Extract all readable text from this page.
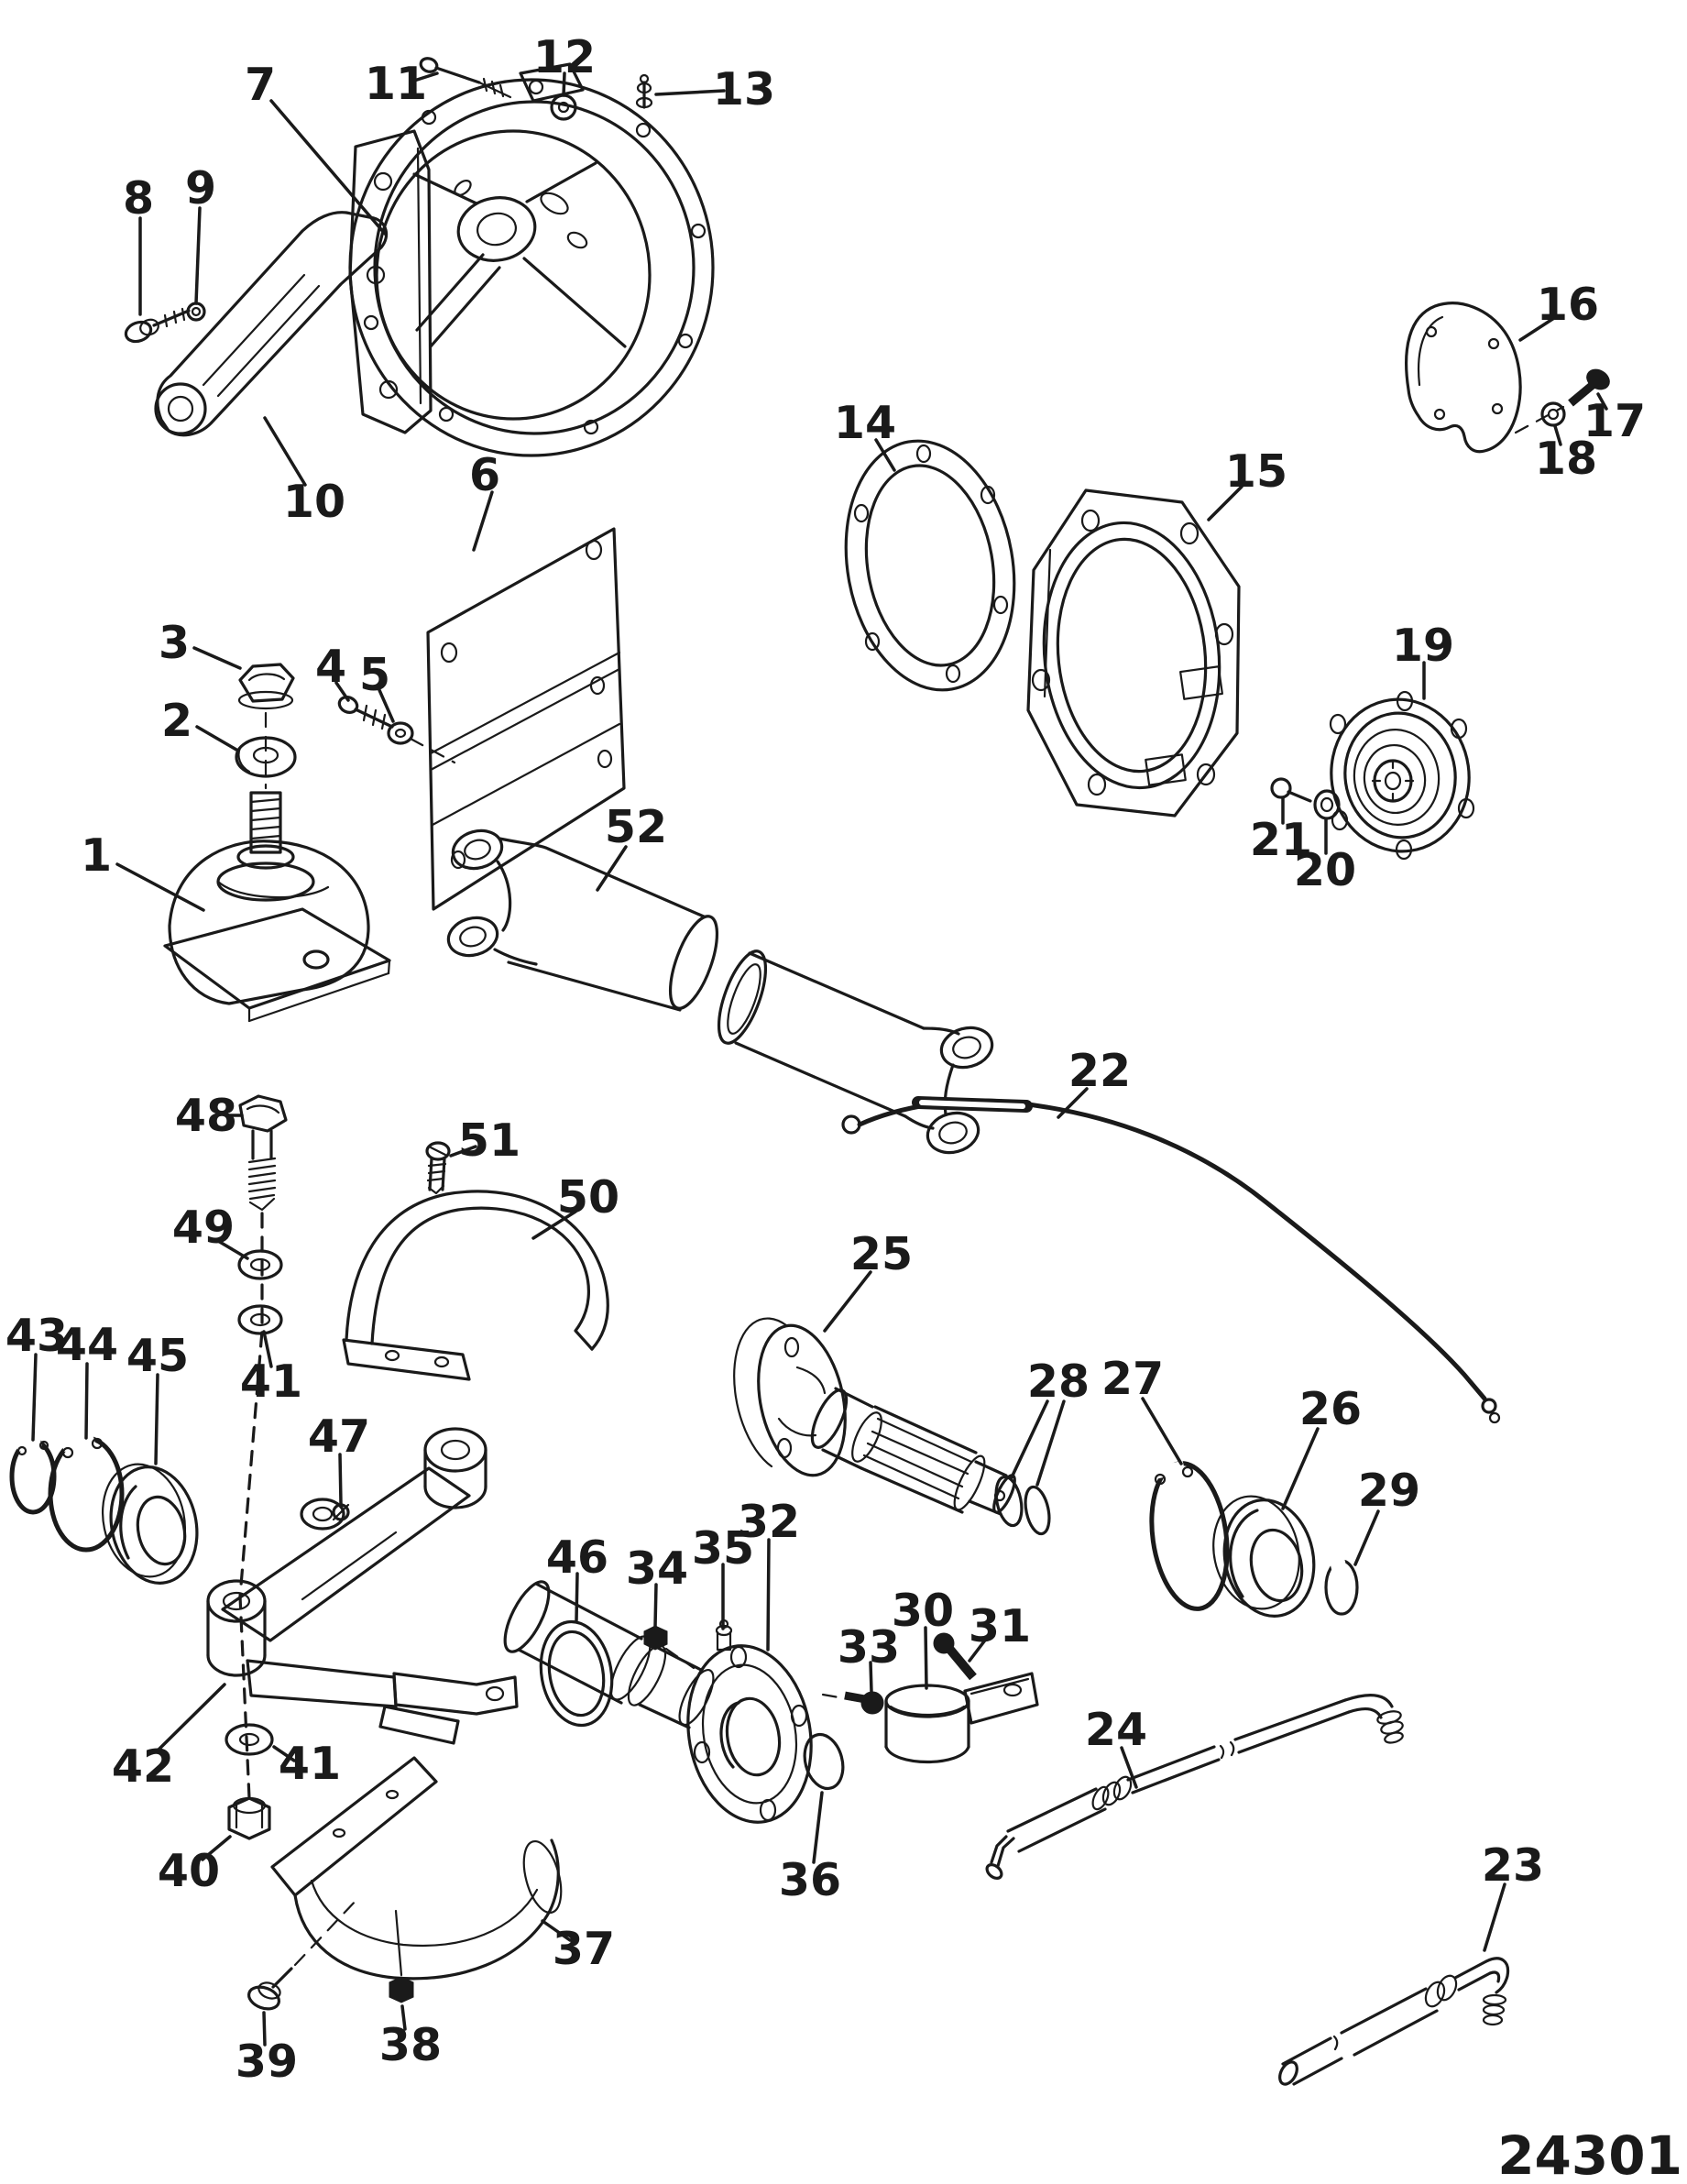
1
2
3	4 5
6
7
8 9
10
11
12
13
14
15
16
17
18
19
20
21
22
23
24
25
26
27
28
29
30 31
32
33
34 35
36
37
38
39
40
41
41
42
43
44 45
46
47
48
49
50
51
52
24301
